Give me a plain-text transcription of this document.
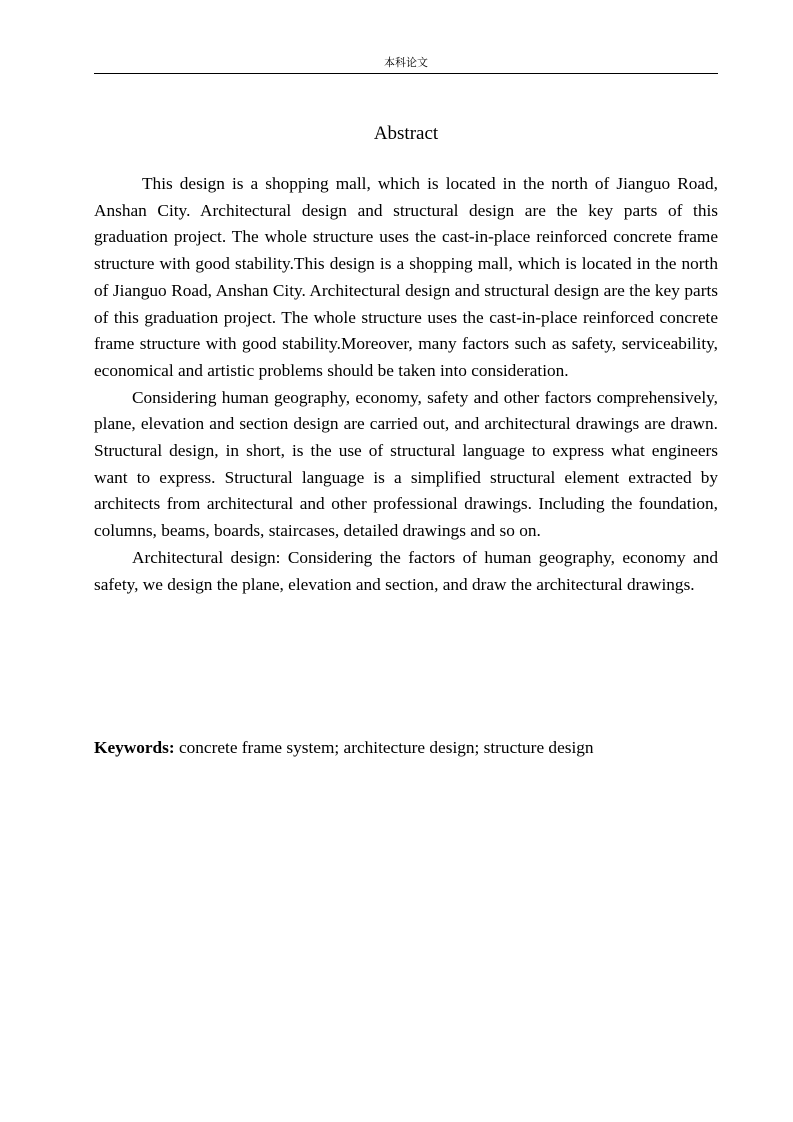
本科论文
Abstract

This design is a shopping mall, which is located in the north of Jianguo Road, Anshan City. Architectural design and structural design are the key parts of this graduation project. The whole structure uses the cast-in-place reinforced concrete frame structure with good stability.This design is a shopping mall, which is located in the north of Jianguo Road, Anshan City. Architectural design and structural design are the key parts of this graduation project. The whole structure uses the cast-in-place reinforced concrete frame structure with good stability.Moreover, many factors such as safety, serviceability, economical and artistic problems should be taken into consideration.

Considering human geography, economy, safety and other factors comprehensively, plane, elevation and section design are carried out, and architectural drawings are drawn. Structural design, in short, is the use of structural language to express what engineers want to express. Structural language is a simplified structural element extracted by architects from architectural and other professional drawings. Including the foundation, columns, beams, boards, staircases, detailed drawings and so on.

Architectural design: Considering the factors of human geography, economy and safety, we design the plane, elevation and section, and draw the architectural drawings.

Keywords: concrete frame system; architecture design; structure design
